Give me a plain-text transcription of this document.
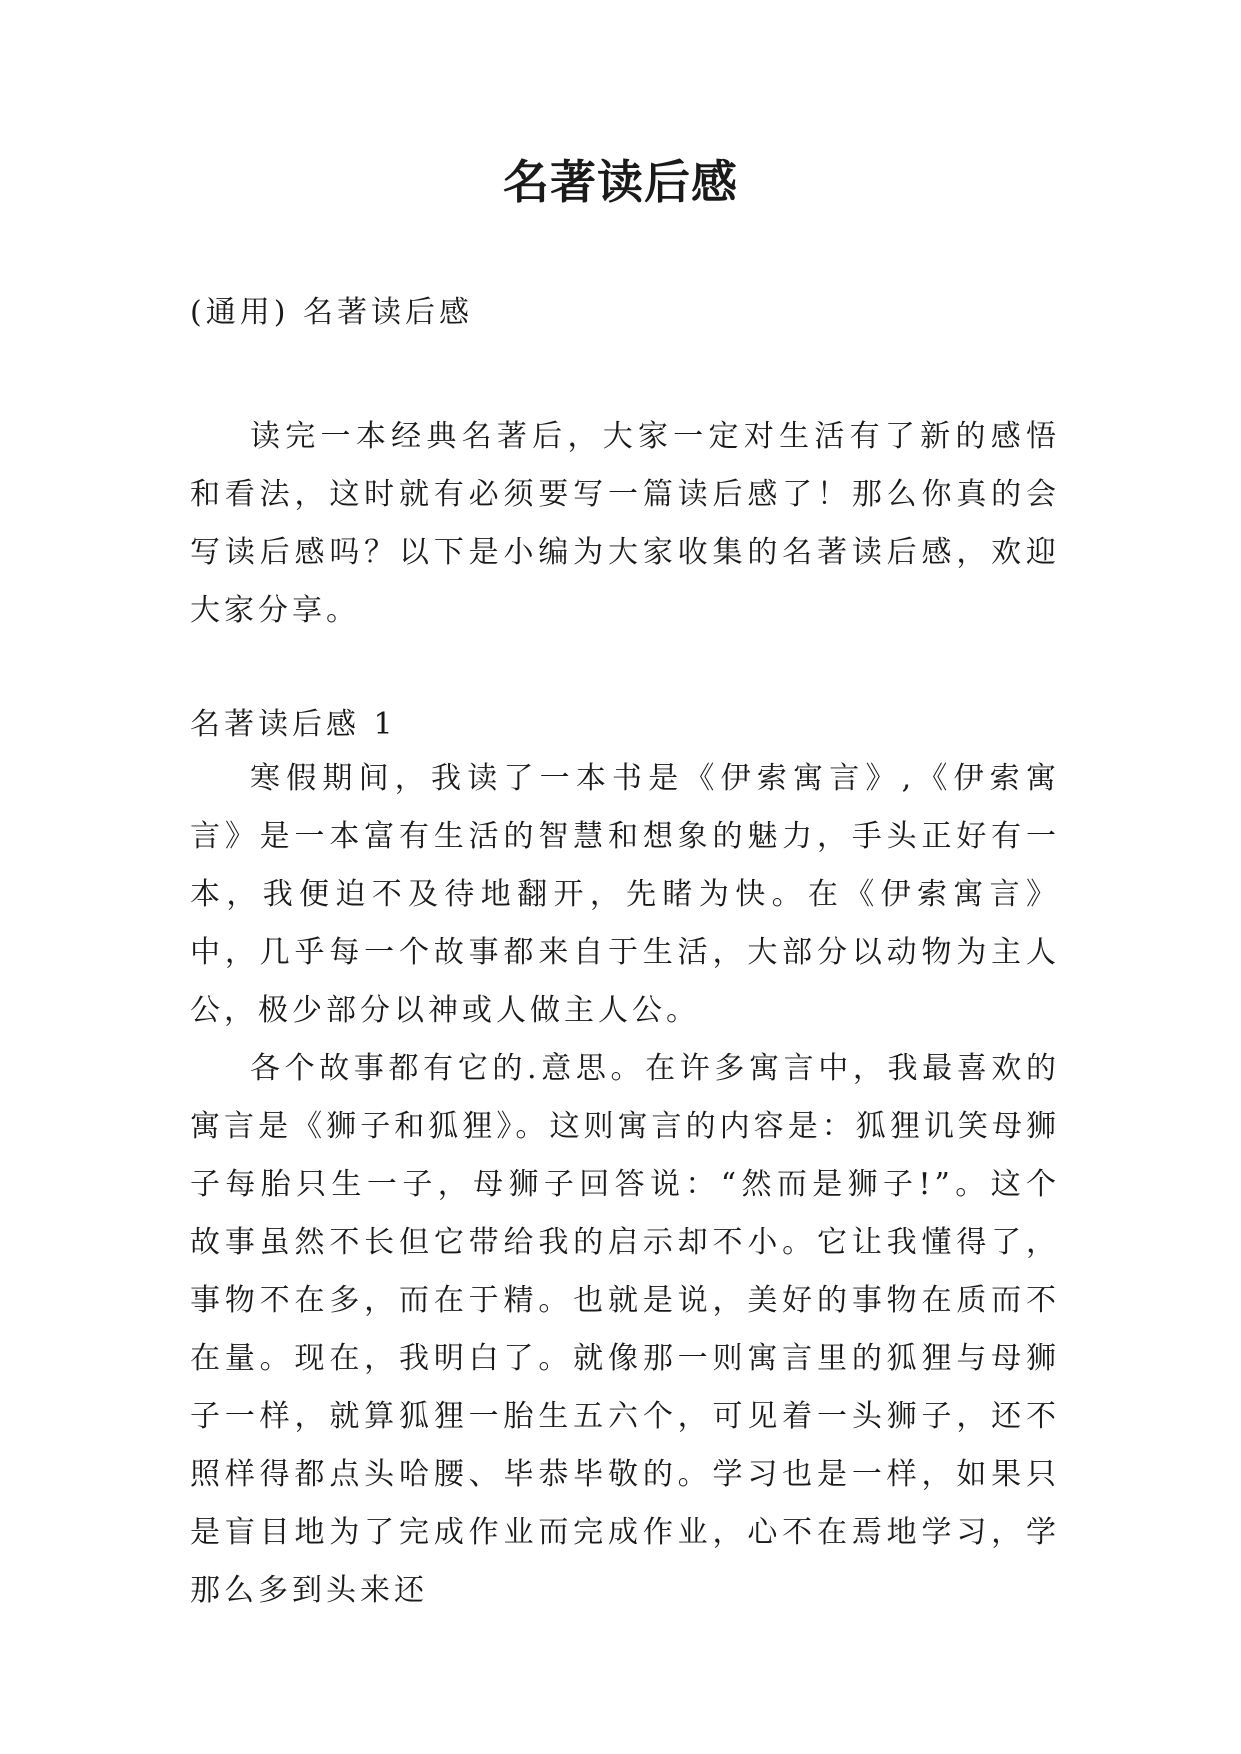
名著读后感
(通用) 名著读后感

读完一本经典名著后，大家一定对生活有了新的感悟和看法，这时就有必须要写一篇读后感了！那么你真的会写读后感吗？以下是小编为大家收集的名著读后感，欢迎大家分享。

名著读后感 1

寒假期间，我读了一本书是《伊索寓言》,《伊索寓言》是一本富有生活的智慧和想象的魅力，手头正好有一本，我便迫不及待地翻开，先睹为快。在《伊索寓言》中，几乎每一个故事都来自于生活，大部分以动物为主人公，极少部分以神或人做主人公。

各个故事都有它的.意思。在许多寓言中，我最喜欢的寓言是《狮子和狐狸》。这则寓言的内容是：狐狸讥笑母狮子每胎只生一子，母狮子回答说：“然而是狮子!”。这个故事虽然不长但它带给我的启示却不小。它让我懂得了，事物不在多，而在于精。也就是说，美好的事物在质而不在量。现在，我明白了。就像那一则寓言里的狐狸与母狮子一样，就算狐狸一胎生五六个，可见着一头狮子，还不照样得都点头哈腰、毕恭毕敬的。学习也是一样，如果只是盲目地为了完成作业而完成作业，心不在焉地学习，学那么多到头来还
